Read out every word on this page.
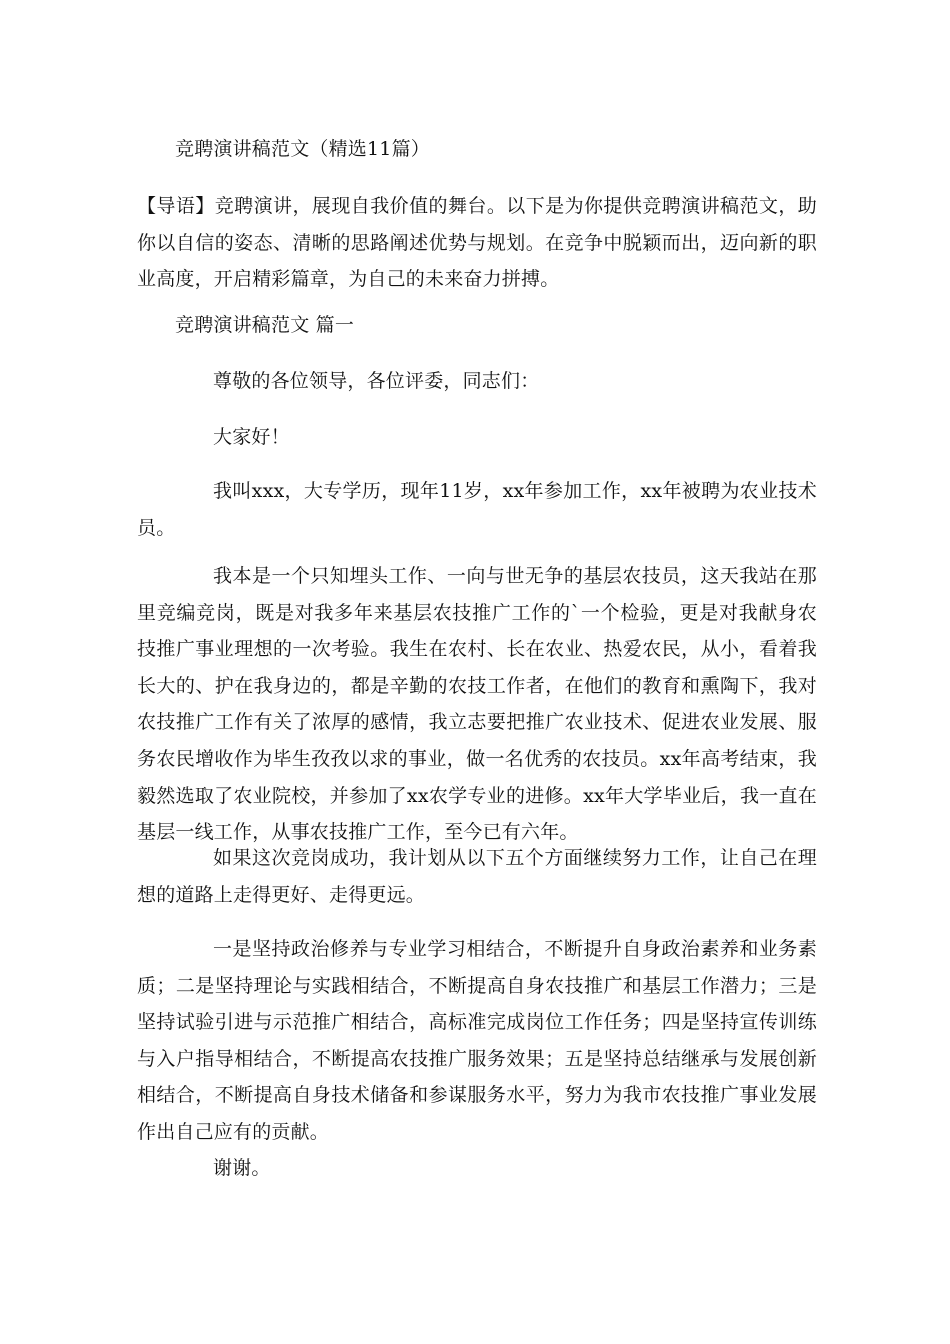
竞聘演讲稿范文（精选11篇）
【导语】竞聘演讲，展现自我价值的舞台。以下是为你提供竞聘演讲稿范文，助你以自信的姿态、清晰的思路阐述优势与规划。在竞争中脱颖而出，迈向新的职业高度，开启精彩篇章，为自己的未来奋力拼搏。
竞聘演讲稿范文 篇一
尊敬的各位领导，各位评委，同志们：
大家好！
我叫xxx，大专学历，现年11岁，xx年参加工作，xx年被聘为农业技术员。
我本是一个只知埋头工作、一向与世无争的基层农技员，这天我站在那里竞编竞岗，既是对我多年来基层农技推广工作的`一个检验，更是对我献身农技推广事业理想的一次考验。我生在农村、长在农业、热爱农民，从小，看着我长大的、护在我身边的，都是辛勤的农技工作者，在他们的教育和熏陶下，我对农技推广工作有关了浓厚的感情，我立志要把推广农业技术、促进农业发展、服务农民增收作为毕生孜孜以求的事业，做一名优秀的农技员。xx年高考结束，我毅然选取了农业院校，并参加了xx农学专业的进修。xx年大学毕业后，我一直在基层一线工作，从事农技推广工作，至今已有六年。
如果这次竞岗成功，我计划从以下五个方面继续努力工作，让自己在理想的道路上走得更好、走得更远。
一是坚持政治修养与专业学习相结合，不断提升自身政治素养和业务素质；二是坚持理论与实践相结合，不断提高自身农技推广和基层工作潜力；三是坚持试验引进与示范推广相结合，高标准完成岗位工作任务；四是坚持宣传训练与入户指导相结合，不断提高农技推广服务效果；五是坚持总结继承与发展创新相结合，不断提高自身技术储备和参谋服务水平，努力为我市农技推广事业发展作出自己应有的贡献。
谢谢。
